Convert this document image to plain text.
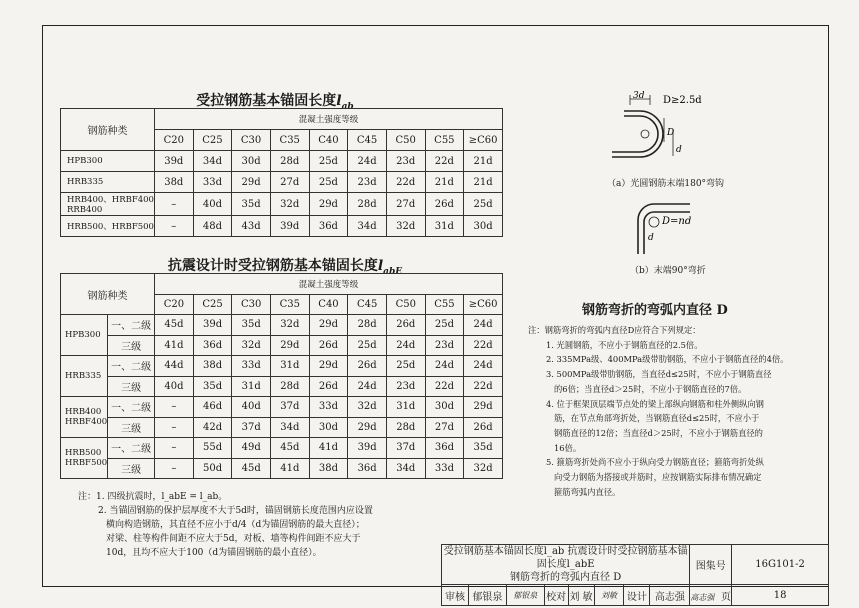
受拉钢筋基本锚固长度$l_{ab}$
钢筋种类	混凝土强度等级								
	C20	C25	C30	C35	C40	C45	C50	C55	≥C60
HPB300	39d	34d	30d	28d	25d	24d	23d	22d	21d
HRB335	38d	33d	29d	27d	25d	23d	22d	21d	21d
HRB400、HRBF400 RRB400	–	40d	35d	32d	29d	28d	27d	26d	25d
HRB500、HRBF500	–	48d	43d	39d	36d	34d	32d	31d	30d
抗震设计时受拉钢筋基本锚固长度$l_{abE}$
钢筋种类		混凝土强度等级								
		C20	C25	C30	C35	C40	C45	C50	C55	≥C60
HPB300	一、二级	45d	39d	35d	32d	29d	28d	26d	25d	24d
	三级	41d	36d	32d	29d	26d	25d	24d	23d	22d
HRB335	一、二级	44d	38d	33d	31d	29d	26d	25d	24d	24d
	三级	40d	35d	31d	28d	26d	24d	23d	22d	22d
HRB400 HRBF400	一、二级	–	46d	40d	37d	33d	32d	31d	30d	29d
	三级	–	42d	37d	34d	30d	29d	28d	27d	26d
HRB500 HRBF500	一、二级	–	55d	49d	45d	41d	39d	37d	36d	35d
	三级	–	50d	45d	41d	38d	36d	34d	33d	32d
注：1. 四级抗震时，l_abE = l_ab。
2. 当锚固钢筋的保护层厚度不大于5d时，锚固钢筋长度范围内应设置
横向构造钢筋，其直径不应小于d/4（d为锚固钢筋的最大直径）；
对梁、柱等构件间距不应大于5d，对板、墙等构件间距不应大于
10d，且均不应大于100（d为锚固钢筋的最小直径）。
3d D≥2.5d
D
d
（a）光圆钢筋末端180°弯钩
D=nd
d
（b）末端90°弯折
钢筋弯折的弯弧内直径 D
注：钢筋弯折的弯弧内直径D应符合下列规定：
1. 光圆钢筋，不应小于钢筋直径的2.5倍。
2. 335MPa级、400MPa级带肋钢筋，不应小于钢筋直径的4倍。
3. 500MPa级带肋钢筋，当直径d≤25时，不应小于钢筋直径
的6倍；当直径d＞25时，不应小于钢筋直径的7倍。
4. 位于框架顶层端节点处的梁上部纵向钢筋和柱外侧纵向钢
筋，在节点角部弯折处，当钢筋直径d≤25时，不应小于
钢筋直径的12倍；当直径d＞25时，不应小于钢筋直径的
16倍。
5. 箍筋弯折处尚不应小于纵向受力钢筋直径；箍筋弯折处纵
向受力钢筋为搭接或并筋时，应按钢筋实际排布情况确定
箍筋弯弧内直径。
受拉钢筋基本锚固长度l_ab 抗震设计时受拉钢筋基本锚固长度l_abE
钢筋弯折的弯弧内直径 D								图集号	16G101-2

审核	郁银泉	郁银泉	校对	刘 敏	刘敏	设计	高志强	高志强 页	18
